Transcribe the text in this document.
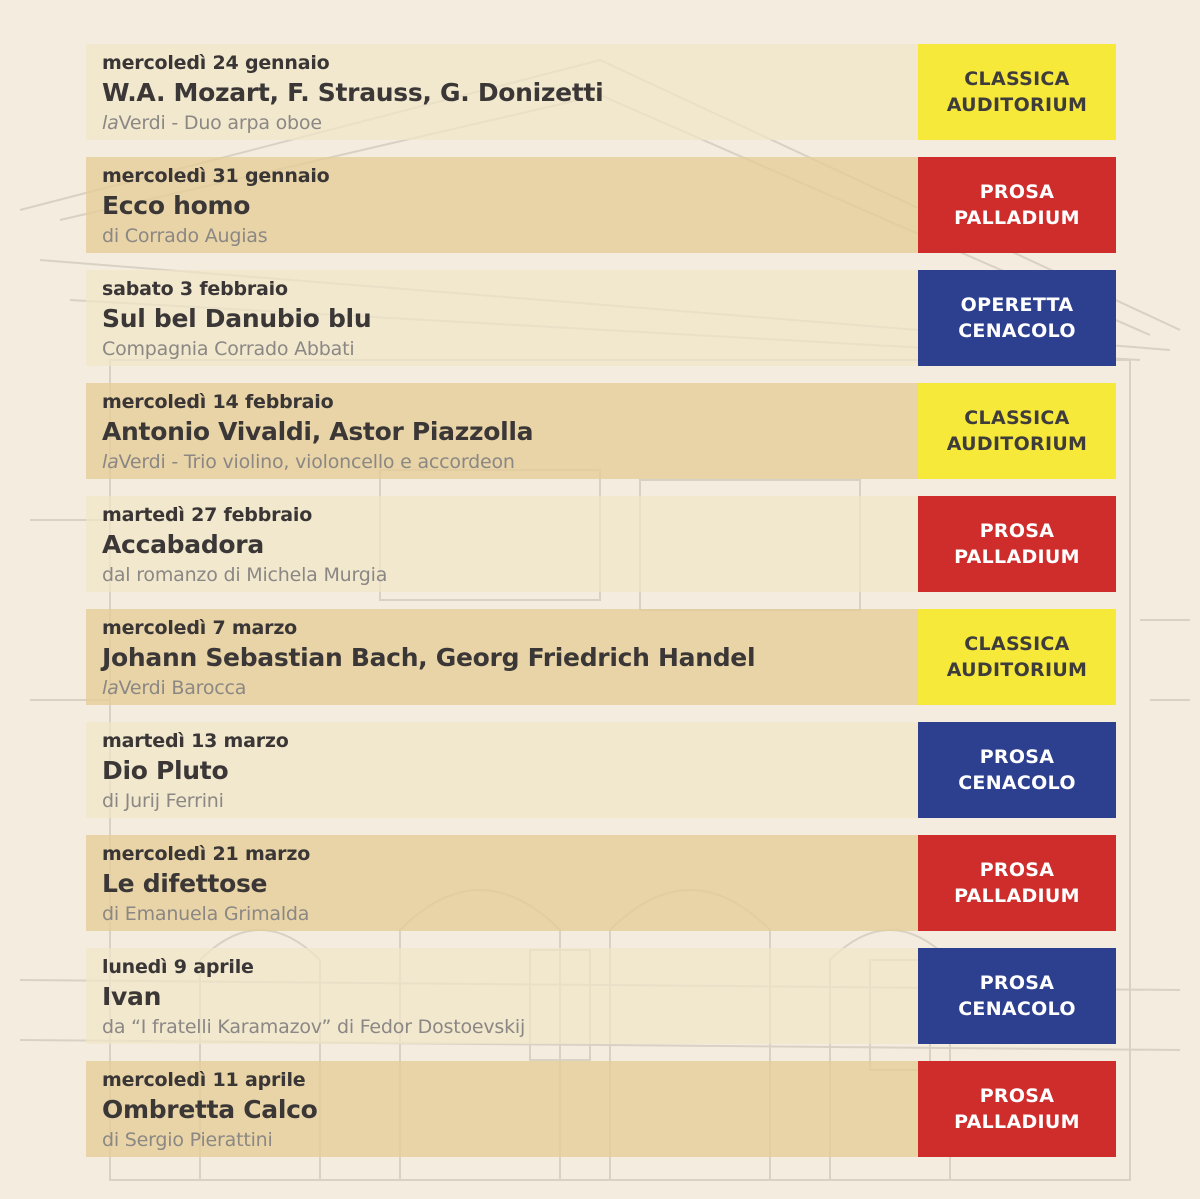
mercoledì 24 gennaio
W.A. Mozart, F. Strauss, G. Donizetti
laVerdi - Duo arpa oboe
CLASSICA
AUDITORIUM
mercoledì 31 gennaio
Ecco homo
di Corrado Augias
PROSA
PALLADIUM
sabato 3 febbraio
Sul bel Danubio blu
Compagnia Corrado Abbati
OPERETTA
CENACOLO
mercoledì 14 febbraio
Antonio Vivaldi, Astor Piazzolla
laVerdi - Trio violino, violoncello e accordeon
CLASSICA
AUDITORIUM
martedì 27 febbraio
Accabadora
dal romanzo di Michela Murgia
PROSA
PALLADIUM
mercoledì 7 marzo
Johann Sebastian Bach, Georg Friedrich Handel
laVerdi Barocca
CLASSICA
AUDITORIUM
martedì 13 marzo
Dio Pluto
di Jurij Ferrini
PROSA
CENACOLO
mercoledì 21 marzo
Le difettose
di Emanuela Grimalda
PROSA
PALLADIUM
lunedì 9 aprile
Ivan
da “I fratelli Karamazov” di Fedor Dostoevskij
PROSA
CENACOLO
mercoledì 11 aprile
Ombretta Calco
di Sergio Pierattini
PROSA
PALLADIUM
